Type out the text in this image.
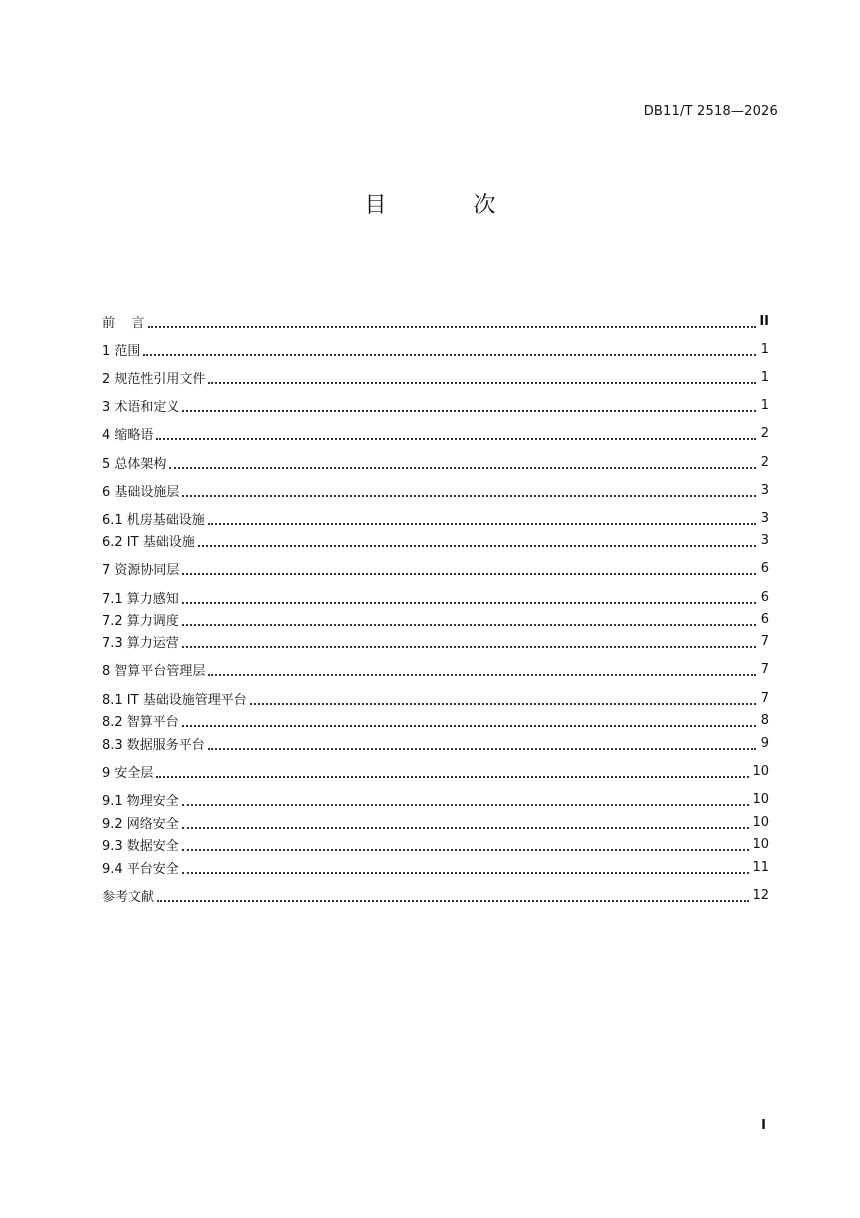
DB11/T 2518—2026
目 次
前    言	II
1 范围	1
2 规范性引用文件	1
3 术语和定义	1
4 缩略语	2
5 总体架构	2
6 基础设施层	3
6.1 机房基础设施	3
6.2 IT 基础设施	3
7 资源协同层	6
7.1 算力感知	6
7.2 算力调度	6
7.3 算力运营	7
8 智算平台管理层	7
8.1 IT 基础设施管理平台	7
8.2 智算平台	8
8.3 数据服务平台	9
9 安全层	10
9.1 物理安全	10
9.2 网络安全	10
9.3 数据安全	10
9.4 平台安全	11
参考文献	12
I
